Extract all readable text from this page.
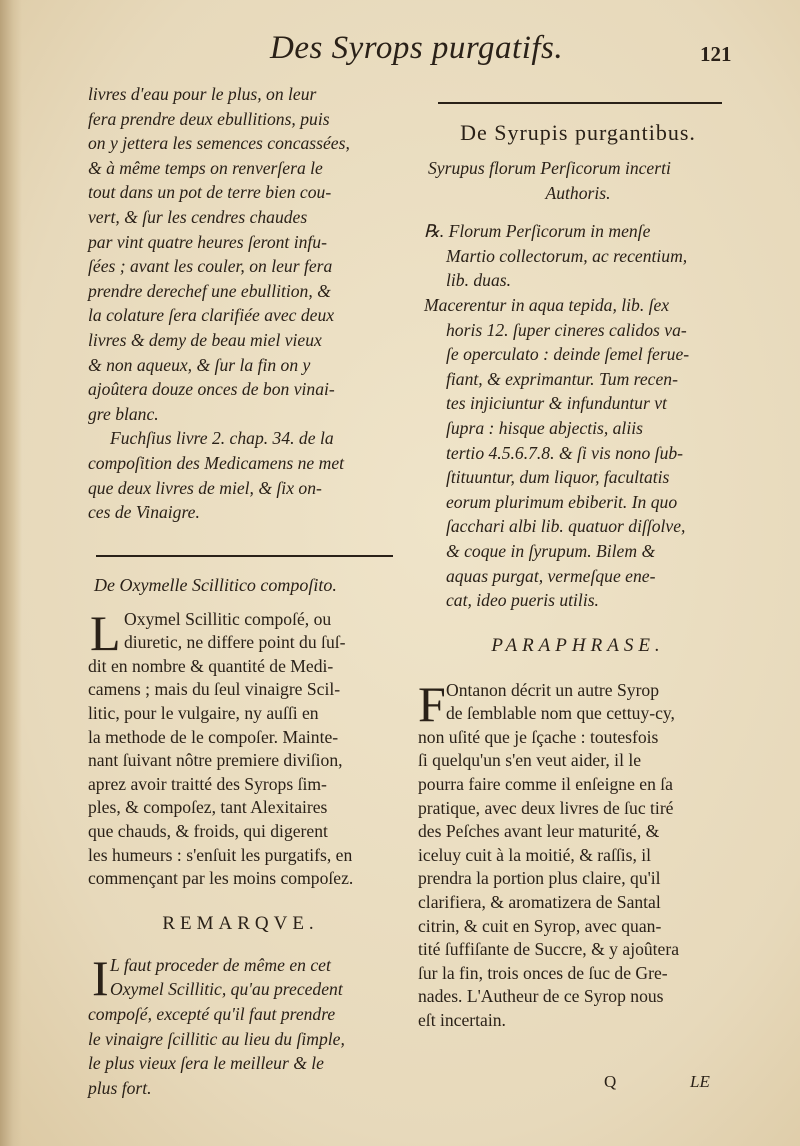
Des Syrops purgatifs.	121
livres d'eau pour le plus, on leur
fera prendre deux ebullitions, puis
on y jettera les semences concassées,
& à même temps on renverſera le
tout dans un pot de terre bien cou-
vert, & ſur les cendres chaudes
par vint quatre heures ſeront infu-
ſées ; avant les couler, on leur fera
prendre derechef une ebullition, &
la colature ſera clarifiée avec deux
livres & demy de beau miel vieux
& non aqueux, & ſur la fin on y
ajoûtera douze onces de bon vinai-
gre blanc.
Fuchſius livre 2. chap. 34. de la
compoſition des Medicamens ne met
que deux livres de miel, & ſix on-
ces de Vinaigre.
De Oxymelle Scillitico compoſito.
L Oxymel Scillitic compoſé, ou
diuretic, ne differe point du ſuſ-
dit en nombre & quantité de Medi-
camens ; mais du ſeul vinaigre Scil-
litic, pour le vulgaire, ny auſſi en
la methode de le compoſer. Mainte-
nant ſuivant nôtre premiere diviſion,
aprez avoir traitté des Syrops ſim-
ples, & compoſez, tant Alexitaires
que chauds, & froids, qui digerent
les humeurs : s'enſuit les purgatifs, en
commençant par les moins compoſez.
REMARQVE.
I L faut proceder de même en cet
Oxymel Scillitic, qu'au precedent
compoſé, excepté qu'il faut prendre
le vinaigre ſcillitic au lieu du ſimple,
le plus vieux ſera le meilleur & le
plus fort.
De Syrupis purgantibus.
Syrupus florum Perſicorum incerti
Authoris.
℞. Florum Perſicorum in menſe
Martio collectorum, ac recentium,
lib. duas.
Macerentur in aqua tepida, lib. ſex
horis 12. ſuper cineres calidos va-
ſe operculato : deinde ſemel ferue-
fiant, & exprimantur. Tum recen-
tes injiciuntur & infunduntur vt
ſupra : hisque abjectis, aliis
tertio 4.5.6.7.8. & ſi vis nono ſub-
ſtituuntur, dum liquor, facultatis
eorum plurimum ebiberit. In quo
ſacchari albi lib. quatuor diſſolve,
& coque in ſyrupum. Bilem &
aquas purgat, vermeſque ene-
cat, ideo pueris utilis.
PARAPHRASE.
F Ontanon décrit un autre Syrop
de ſemblable nom que cettuy-cy,
non uſité que je ſçache : toutesfois
ſi quelqu'un s'en veut aider, il le
pourra faire comme il enſeigne en ſa
pratique, avec deux livres de ſuc tiré
des Peſches avant leur maturité, &
iceluy cuit à la moitié, & raſſis, il
prendra la portion plus claire, qu'il
clarifiera, & aromatizera de Santal
citrin, & cuit en Syrop, avec quan-
tité ſuffiſante de Succre, & y ajoûtera
ſur la fin, trois onces de ſuc de Gre-
nades. L'Autheur de ce Syrop nous
eſt incertain.
Q	LE
